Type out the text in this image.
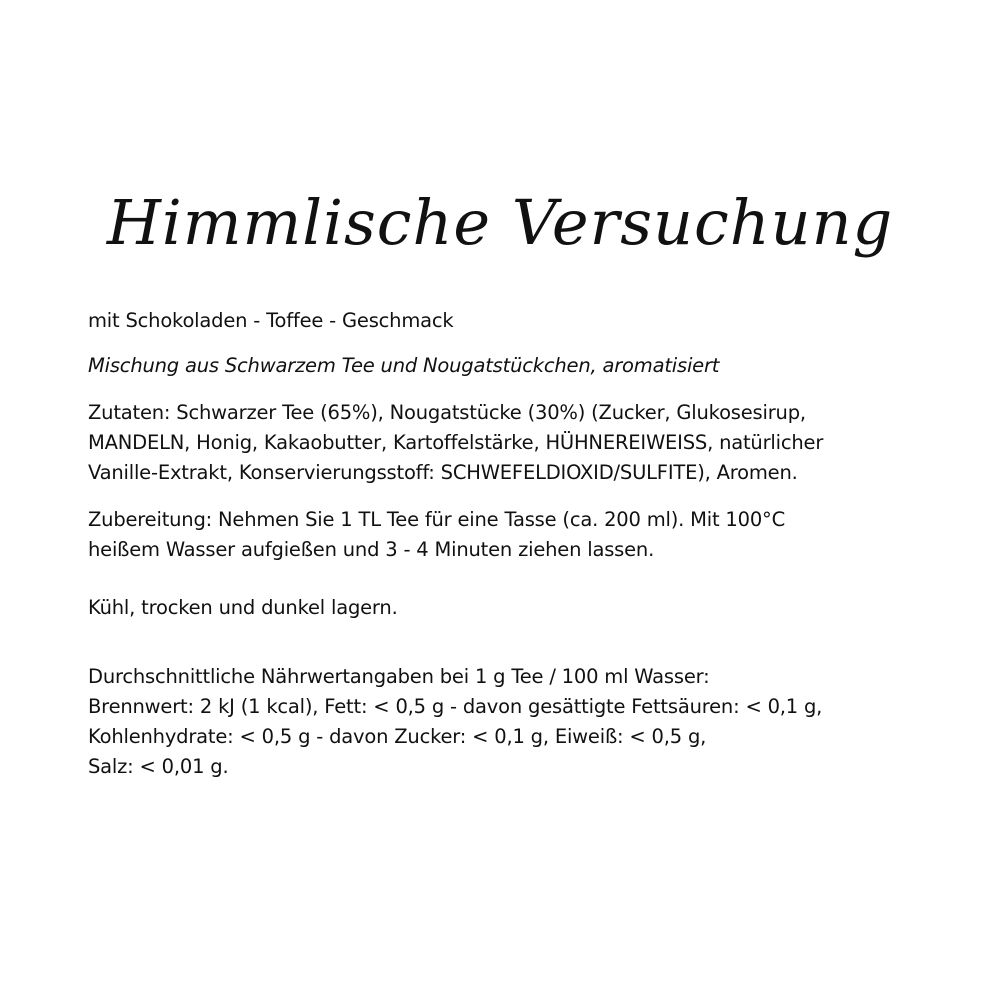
Himmlische Versuchung
mit Schokoladen - Toffee - Geschmack
Mischung aus Schwarzem Tee und Nougatstückchen, aromatisiert
Zutaten: Schwarzer Tee (65%), Nougatstücke (30%) (Zucker, Glukosesirup,
MANDELN, Honig, Kakaobutter, Kartoffelstärke, HÜHNEREIWEISS, natürlicher
Vanille-Extrakt, Konservierungsstoff: SCHWEFELDIOXID/SULFITE), Aromen.
Zubereitung: Nehmen Sie 1 TL Tee für eine Tasse (ca. 200 ml). Mit 100°C
heißem Wasser aufgießen und 3 - 4 Minuten ziehen lassen.
Kühl, trocken und dunkel lagern.
Durchschnittliche Nährwertangaben bei 1 g Tee / 100 ml Wasser:
Brennwert: 2 kJ (1 kcal), Fett: < 0,5 g - davon gesättigte Fettsäuren: < 0,1 g,
Kohlenhydrate: < 0,5 g - davon Zucker: < 0,1 g, Eiweiß: < 0,5 g,
Salz: < 0,01 g.
